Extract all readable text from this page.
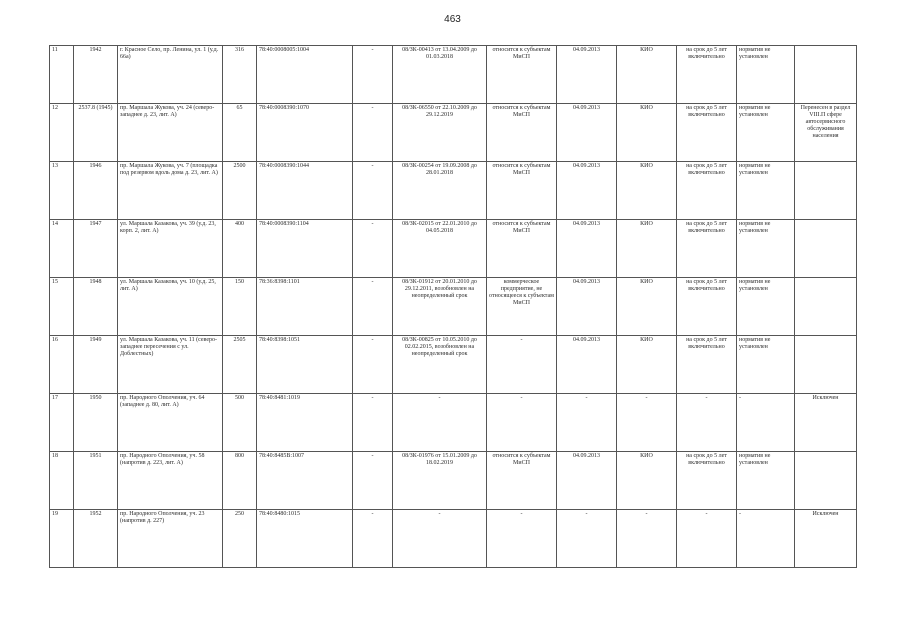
463
11	1942	г. Красное Село, пр. Ленина, ул. 1 (у.д. 66а)	316	78:40:0008005:1004	-	08/ЗК-00413 от 13.04.2009 до 01.03.2018	относится к субъектам МиСП	04.09.2013	КИО	на срок до 5 лет включительно	норматив не установлен	
12	2537.8 (1945)	пр. Маршала Жукова, уч. 24 (северо-западнее д. 23, лит. А)	65	78:40:0008390:1070	-	08/ЗК-06550 от 22.10.2009 до 29.12.2019	относится к субъектам МиСП	04.09.2013	КИО	на срок до 5 лет включительно	норматив не установлен	Перенесен в раздел VIII.П сфере автосервисного обслуживания населения
13	1946	пр. Маршала Жукова, уч. 7 (площадка под резервом вдоль дома д. 23, лит. А)	2500	78:40:0008390:1044	-	08/ЗК-00254 от 19.09.2008 до 28.01.2018	относится к субъектам МиСП	04.09.2013	КИО	на срок до 5 лет включительно	норматив не установлен	
14	1947	ул. Маршала Казакова, уч. 39 (у.д. 23, корп. 2, лит. А)	400	78:40:0008390:1104	-	08/ЗК-02015 от 22.01.2010 до 04.05.2018	относится к субъектам МиСП	04.09.2013	КИО	на срок до 5 лет включительно	норматив не установлен	
15	1948	ул. Маршала Казакова, уч. 10 (у.д. 25, лит. А)	150	78:36:8398:1101	-	08/ЗК-01912 от 20.01.2010 до 29.12.2011, возобновлен на неопределенный срок	коммерческое предприятие, не относящееся к субъектам МиСП	04.09.2013	КИО	на срок до 5 лет включительно	норматив не установлен	
16	1949	ул. Маршала Казакова, уч. 11 (северо-западнее пересечения с ул. Доблестных)	2505	78:40:8398:1051	-	08/ЗК-00825 от 10.05.2010 до 02.02.2015, возобновлен на неопределенный срок	-	04.09.2013	КИО	на срок до 5 лет включительно	норматив не установлен	
17	1950	пр. Народного Ополчения, уч. 64 (западнее д. 80, лит. А)	500	78:40:8481:1019	-	-	-	-	-	-	-	Исключен
18	1951	пр. Народного Ополчения, уч. 58 (напротив д. 223, лит. А)	800	78:40:8485B:1007	-	08/ЗК-01976 от 15.01.2009 до 18.02.2019	относится к субъектам МиСП	04.09.2013	КИО	на срок до 5 лет включительно	норматив не установлен	
19	1952	пр. Народного Ополчения, уч. 23 (напротив д. 227)	250	78:40:8480:1015	-	-	-	-	-	-	-	Исключен
